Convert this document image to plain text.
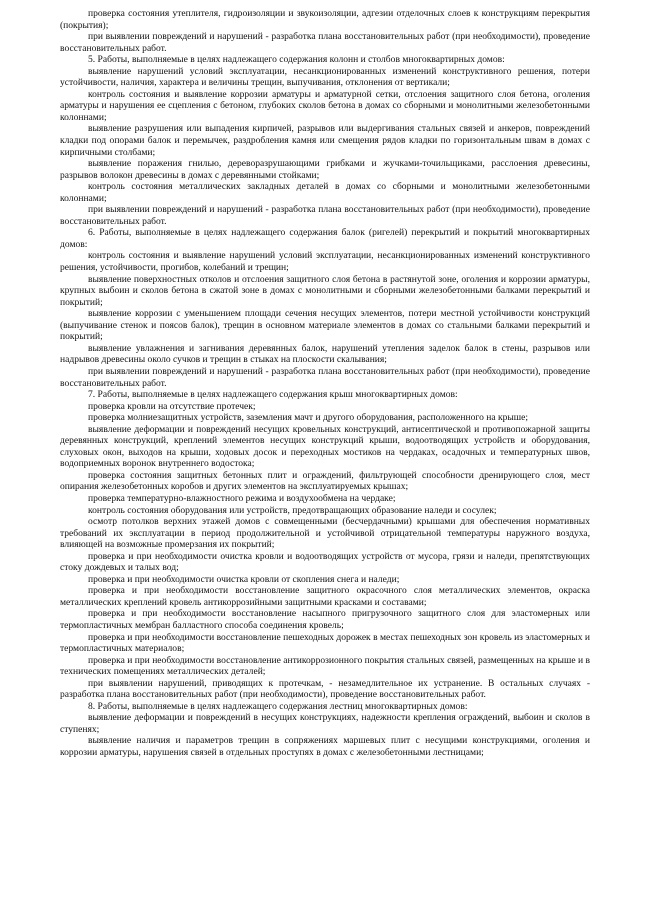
проверка состояния утеплителя, гидроизоляции и звукоизоляции, адгезии отделочных слоев к конструкциям перекрытия (покрытия);

при выявлении повреждений и нарушений - разработка плана восстановительных работ (при необходимости), проведение восстановительных работ.

5. Работы, выполняемые в целях надлежащего содержания колонн и столбов многоквартирных домов:

выявление нарушений условий эксплуатации, несанкционированных изменений конструктивного решения, потери устойчивости, наличия, характера и величины трещин, выпучивания, отклонения от вертикали;

контроль состояния и выявление коррозии арматуры и арматурной сетки, отслоения защитного слоя бетона, оголения арматуры и нарушения ее сцепления с бетоном, глубоких сколов бетона в домах со сборными и монолитными железобетонными колоннами;

выявление разрушения или выпадения кирпичей, разрывов или выдергивания стальных связей и анкеров, повреждений кладки под опорами балок и перемычек, раздробления камня или смещения рядов кладки по горизонтальным швам в домах с кирпичными столбами;

выявление поражения гнилью, дереворазрушающими грибками и жучками-точильщиками, расслоения древесины, разрывов волокон древесины в домах с деревянными стойками;

контроль состояния металлических закладных деталей в домах со сборными и монолитными железобетонными колоннами;

при выявлении повреждений и нарушений - разработка плана восстановительных работ (при необходимости), проведение восстановительных работ.

6. Работы, выполняемые в целях надлежащего содержания балок (ригелей) перекрытий и покрытий многоквартирных домов:

контроль состояния и выявление нарушений условий эксплуатации, несанкционированных изменений конструктивного решения, устойчивости, прогибов, колебаний и трещин;

выявление поверхностных отколов и отслоения защитного слоя бетона в растянутой зоне, оголения и коррозии арматуры, крупных выбоин и сколов бетона в сжатой зоне в домах с монолитными и сборными железобетонными балками перекрытий и покрытий;

выявление коррозии с уменьшением площади сечения несущих элементов, потери местной устойчивости конструкций (выпучивание стенок и поясов балок), трещин в основном материале элементов в домах со стальными балками перекрытий и покрытий;

выявление увлажнения и загнивания деревянных балок, нарушений утепления заделок балок в стены, разрывов или надрывов древесины около сучков и трещин в стыках на плоскости скалывания;

при выявлении повреждений и нарушений - разработка плана восстановительных работ (при необходимости), проведение восстановительных работ.

7. Работы, выполняемые в целях надлежащего содержания крыш многоквартирных домов:

проверка кровли на отсутствие протечек;

проверка молниезащитных устройств, заземления мачт и другого оборудования, расположенного на крыше;

выявление деформации и повреждений несущих кровельных конструкций, антисептической и противопожарной защиты деревянных конструкций, креплений элементов несущих конструкций крыши, водоотводящих устройств и оборудования, слуховых окон, выходов на крыши, ходовых досок и переходных мостиков на чердаках, осадочных и температурных швов, водоприемных воронок внутреннего водостока;

проверка состояния защитных бетонных плит и ограждений, фильтрующей способности дренирующего слоя, мест опирания железобетонных коробов и других элементов на эксплуатируемых крышах;

проверка температурно-влажностного режима и воздухообмена на чердаке;

контроль состояния оборудования или устройств, предотвращающих образование наледи и сосулек;

осмотр потолков верхних этажей домов с совмещенными (бесчердачными) крышами для обеспечения нормативных требований их эксплуатации в период продолжительной и устойчивой отрицательной температуры наружного воздуха, влияющей на возможные промерзания их покрытий;

проверка и при необходимости очистка кровли и водоотводящих устройств от мусора, грязи и наледи, препятствующих стоку дождевых и талых вод;

проверка и при необходимости очистка кровли от скопления снега и наледи;

проверка и при необходимости восстановление защитного окрасочного слоя металлических элементов, окраска металлических креплений кровель антикоррозийными защитными красками и составами;

проверка и при необходимости восстановление насыпного пригрузочного защитного слоя для эластомерных или термопластичных мембран балластного способа соединения кровель;

проверка и при необходимости восстановление пешеходных дорожек в местах пешеходных зон кровель из эластомерных и термопластичных материалов;

проверка и при необходимости восстановление антикоррозионного покрытия стальных связей, размещенных на крыше и в технических помещениях металлических деталей;

при выявлении нарушений, приводящих к протечкам, - незамедлительное их устранение. В остальных случаях - разработка плана восстановительных работ (при необходимости), проведение восстановительных работ.

8. Работы, выполняемые в целях надлежащего содержания лестниц многоквартирных домов:

выявление деформации и повреждений в несущих конструкциях, надежности крепления ограждений, выбоин и сколов в ступенях;

выявление наличия и параметров трещин в сопряжениях маршевых плит с несущими конструкциями, оголения и коррозии арматуры, нарушения связей в отдельных проступях в домах с железобетонными лестницами;
